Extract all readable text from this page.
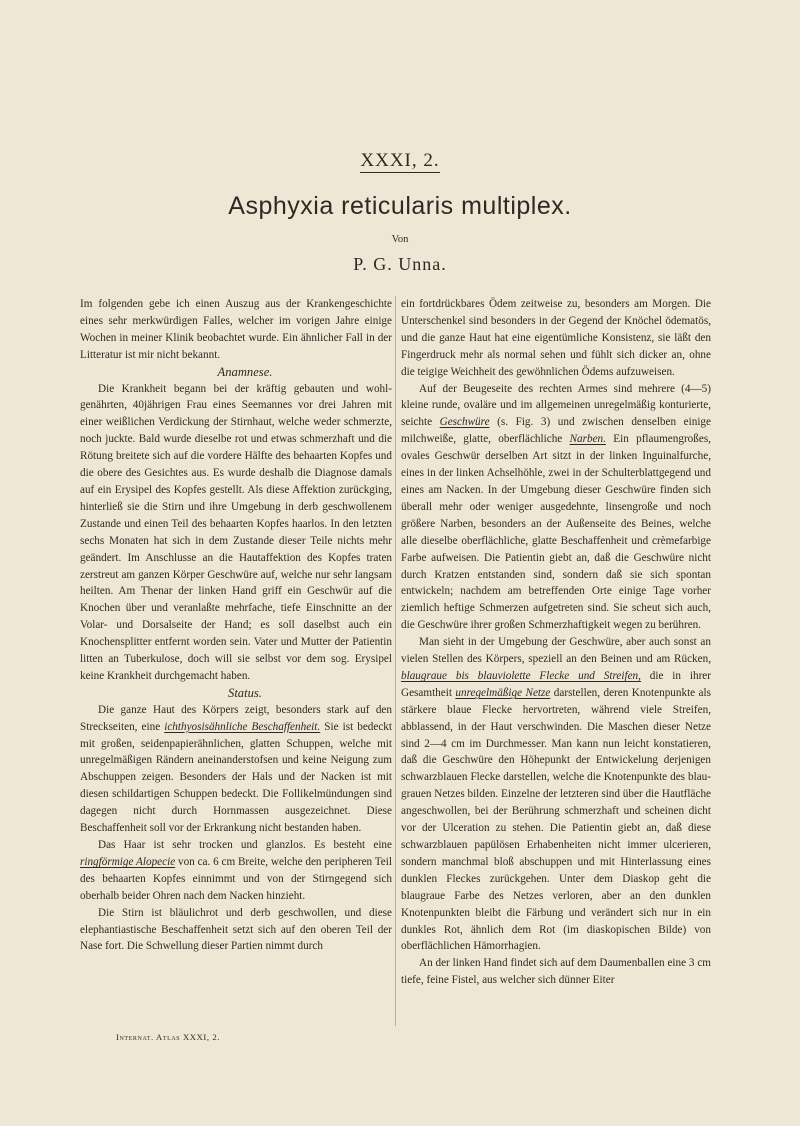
XXXI, 2.
Asphyxia reticularis multiplex.
Von
P. G. Unna.

Im folgenden gebe ich einen Auszug aus der Krankengeschichte eines sehr merkwürdigen Falles, welcher im vorigen Jahre einige Wochen in meiner Klinik beobachtet wurde. Ein ähnlicher Fall in der Litteratur ist mir nicht bekannt.

Anamnese.

Die Krankheit begann bei der kräftig gebauten und wohlgenährten, 40jährigen Frau eines Seemannes vor drei Jahren mit einer weißlichen Verdickung der Stirnhaut, welche weder schmerzte, noch juckte. Bald wurde dieselbe rot und etwas schmerzhaft und die Rötung breitete sich auf die vordere Hälfte des behaarten Kopfes und die obere des Gesichtes aus. Es wurde deshalb die Diagnose damals auf ein Erysipel des Kopfes gestellt. Als diese Affektion zurückging, hinterließ sie die Stirn und ihre Umgebung in derb geschwollenem Zustande und einen Teil des behaarten Kopfes haarlos. In den letzten sechs Monaten hat sich in dem Zustande dieser Teile nichts mehr geändert. Im Anschlusse an die Hautaffektion des Kopfes traten zerstreut am ganzen Körper Geschwüre auf, welche nur sehr langsam heilten. Am Thenar der linken Hand griff ein Geschwür auf die Knochen über und veranlaßte mehrfache, tiefe Einschnitte an der Volar- und Dorsalseite der Hand; es soll daselbst auch ein Knochensplitter entfernt worden sein. Vater und Mutter der Patientin litten an Tuberkulose, doch will sie selbst vor dem sog. Erysipel keine Krankheit durchgemacht haben.

Status.

Die ganze Haut des Körpers zeigt, besonders stark auf den Streckseiten, eine ichthyosisähnliche Beschaffenheit. Sie ist bedeckt mit großen, seidenpapierähnlichen, glatten Schuppen, welche mit unregelmäßigen Rändern aneinanderstofsen und keine Neigung zum Abschuppen zeigen. Besonders der Hals und der Nacken ist mit diesen schildartigen Schuppen bedeckt. Die Follikelmündungen sind dagegen nicht durch Hornmassen ausgezeichnet. Diese Beschaffenheit soll vor der Erkrankung nicht bestanden haben.

Das Haar ist sehr trocken und glanzlos. Es besteht eine ringförmige Alopecie von ca. 6 cm Breite, welche den peripheren Teil des behaarten Kopfes einnimmt und von der Stirngegend sich oberhalb beider Ohren nach dem Nacken hinzieht.

Die Stirn ist bläulichrot und derb geschwollen, und diese elephantiastische Beschaffenheit setzt sich auf den oberen Teil der Nase fort. Die Schwellung dieser Partien nimmt durch

ein fortdrückbares Ödem zeitweise zu, besonders am Morgen. Die Unterschenkel sind besonders in der Gegend der Knöchel ödematös, und die ganze Haut hat eine eigentümliche Konsistenz, sie läßt den Fingerdruck mehr als normal sehen und fühlt sich dicker an, ohne die teigige Weichheit des gewöhnlichen Ödems aufzuweisen.

Auf der Beugeseite des rechten Armes sind mehrere (4—5) kleine runde, ovaläre und im allgemeinen unregelmäßig konturierte, seichte Geschwüre (s. Fig. 3) und zwischen denselben einige milchweiße, glatte, oberflächliche Narben. Ein pflaumengroßes, ovales Geschwür derselben Art sitzt in der linken Inguinalfurche, eines in der linken Achselhöhle, zwei in der Schulterblattgegend und eines am Nacken. In der Umgebung dieser Geschwüre finden sich überall mehr oder weniger ausgedehnte, linsengroße und noch größere Narben, besonders an der Außenseite des Beines, welche alle dieselbe oberflächliche, glatte Beschaffenheit und crèmefarbige Farbe aufweisen. Die Patientin giebt an, daß die Geschwüre nicht durch Kratzen entstanden sind, sondern daß sie sich spontan entwickeln; nachdem am betreffenden Orte einige Tage vorher ziemlich heftige Schmerzen aufgetreten sind. Sie scheut sich auch, die Geschwüre ihrer großen Schmerzhaftigkeit wegen zu berühren.

Man sieht in der Umgebung der Geschwüre, aber auch sonst an vielen Stellen des Körpers, speziell an den Beinen und am Rücken, blaugraue bis blauviolette Flecke und Streifen, die in ihrer Gesamtheit unregelmäßige Netze darstellen, deren Knotenpunkte als stärkere blaue Flecke hervortreten, während viele Streifen, abblassend, in der Haut verschwinden. Die Maschen dieser Netze sind 2—4 cm im Durchmesser. Man kann nun leicht konstatieren, daß die Geschwüre den Höhepunkt der Entwickelung derjenigen schwarzblauen Flecke darstellen, welche die Knotenpunkte des blaugrauen Netzes bilden. Einzelne der letzteren sind über die Hautfläche angeschwollen, bei der Berührung schmerzhaft und scheinen dicht vor der Ulceration zu stehen. Die Patientin giebt an, daß diese schwarzblauen papülösen Erhabenheiten nicht immer ulcerieren, sondern manchmal bloß abschuppen und mit Hinterlassung eines dunklen Fleckes zurückgehen. Unter dem Diaskop geht die blaugraue Farbe des Netzes verloren, aber an den dunklen Knotenpunkten bleibt die Färbung und verändert sich nur in ein dunkles Rot, ähnlich dem Rot (im diaskopischen Bilde) von oberflächlichen Hämorrhagien.

An der linken Hand findet sich auf dem Daumenballen eine 3 cm tiefe, feine Fistel, aus welcher sich dünner Eiter

Internat. Atlas XXXI, 2.
